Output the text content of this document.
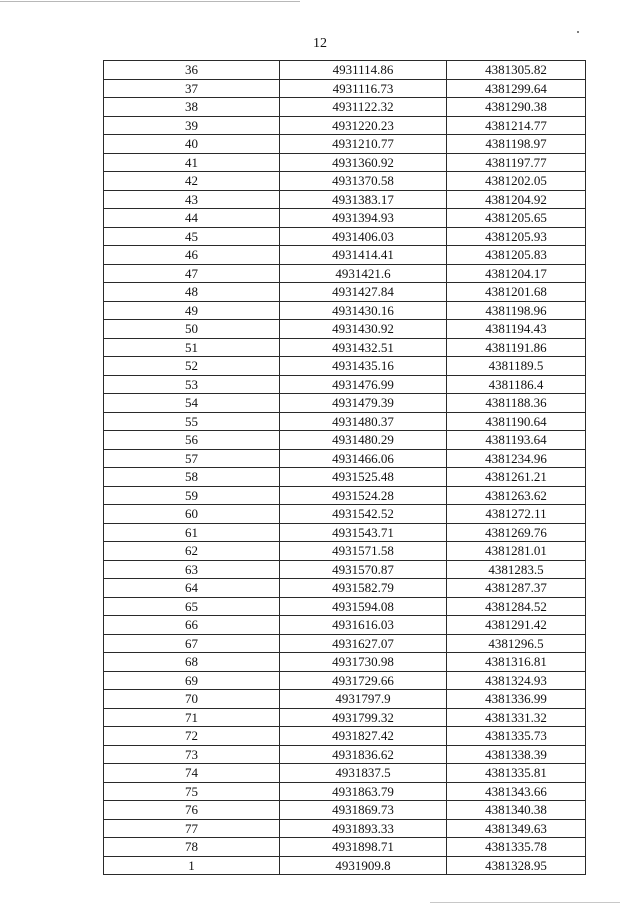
12
36	4931114.86	4381305.82
37	4931116.73	4381299.64
38	4931122.32	4381290.38
39	4931220.23	4381214.77
40	4931210.77	4381198.97
41	4931360.92	4381197.77
42	4931370.58	4381202.05
43	4931383.17	4381204.92
44	4931394.93	4381205.65
45	4931406.03	4381205.93
46	4931414.41	4381205.83
47	4931421.6	4381204.17
48	4931427.84	4381201.68
49	4931430.16	4381198.96
50	4931430.92	4381194.43
51	4931432.51	4381191.86
52	4931435.16	4381189.5
53	4931476.99	4381186.4
54	4931479.39	4381188.36
55	4931480.37	4381190.64
56	4931480.29	4381193.64
57	4931466.06	4381234.96
58	4931525.48	4381261.21
59	4931524.28	4381263.62
60	4931542.52	4381272.11
61	4931543.71	4381269.76
62	4931571.58	4381281.01
63	4931570.87	4381283.5
64	4931582.79	4381287.37
65	4931594.08	4381284.52
66	4931616.03	4381291.42
67	4931627.07	4381296.5
68	4931730.98	4381316.81
69	4931729.66	4381324.93
70	4931797.9	4381336.99
71	4931799.32	4381331.32
72	4931827.42	4381335.73
73	4931836.62	4381338.39
74	4931837.5	4381335.81
75	4931863.79	4381343.66
76	4931869.73	4381340.38
77	4931893.33	4381349.63
78	4931898.71	4381335.78
1	4931909.8	4381328.95
